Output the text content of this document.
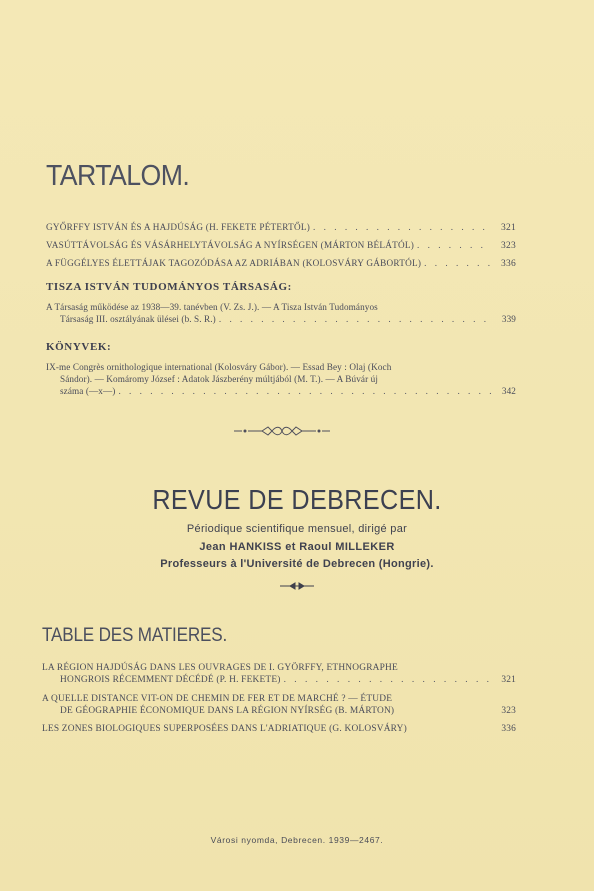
TARTALOM.
GYŐRFFY ISTVÁN ÉS A HAJDÚSÁG (H. FEKETE PÉTERTŐL) . . .	321
VASÚTTÁVOLSÁG ÉS VÁSÁRHELYTÁVOLSÁG A NYÍRSÉGEN (MÁRTON BÉLÁTÓL) . . .	323
A FÜGGÉLYES ÉLETTÁJAK TAGOZÓDÁSA AZ ADRIÁBAN (KOLOSVÁRY GÁBORTÓL) . . .	336
TISZA ISTVÁN TUDOMÁNYOS TÁRSASÁG:
A Társaság működése az 1938—39. tanévben (V. Zs. J.). — A Tisza István Tudományos
Társaság III. osztályának ülései (b. S. R.) . . .	339
KÖNYVEK:
IX-me Congrès ornithologique international (Kolosváry Gábor). — Essad Bey : Olaj (Koch
Sándor). — Komáromy József : Adatok Jászberény múltjából (M. T.). — A Búvár új
száma (—x—) . . .	342
REVUE DE DEBRECEN.
Périodique scientifique mensuel, dirigé par
Jean HANKISS et Raoul MILLEKER
Professeurs à l'Université de Debrecen (Hongrie).
TABLE DES MATIERES.
LA RÉGION HAJDÚSÁG DANS LES OUVRAGES DE I. GYÖRFFY, ETHNOGRAPHE
HONGROIS RÉCEMMENT DÉCÉDÉ (P. H. FEKETE) . . .	321
A QUELLE DISTANCE VIT-ON DE CHEMIN DE FER ET DE MARCHÉ ? — ÉTUDE
DE GÉOGRAPHIE ÉCONOMIQUE DANS LA RÉGION NYÍRSÉG (B. MÁRTON)	323
LES ZONES BIOLOGIQUES SUPERPOSÉES DANS L'ADRIATIQUE (G. KOLOSVÁRY)	336
Városi nyomda, Debrecen. 1939—2467.
